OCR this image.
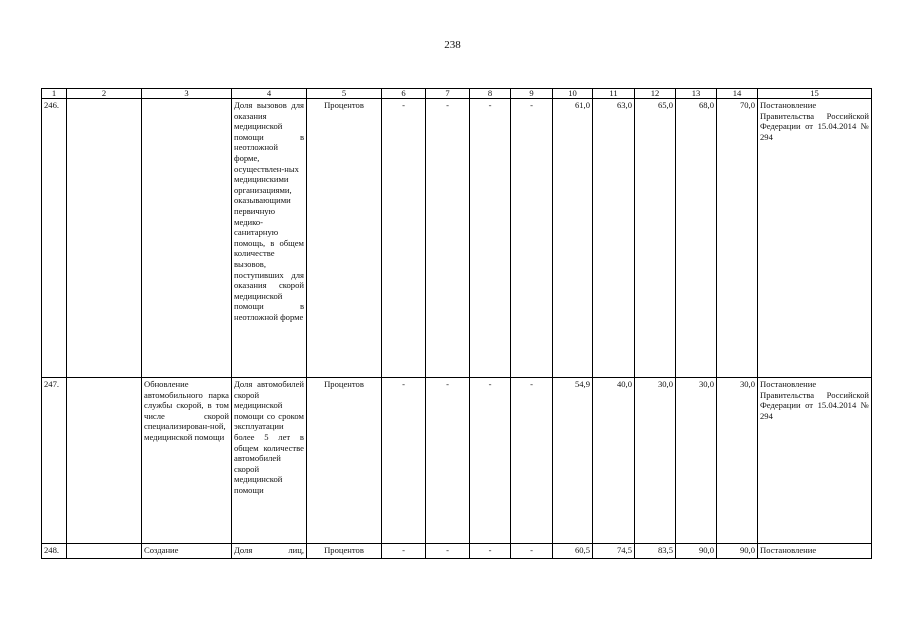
238
1	2	3	4	5	6	7	8	9	10	11	12	13	14	15
246.			Доля вызовов для оказания медицинской помощи в неотложной форме, осуществлен-ных медицинскими организациями, оказывающими первичную медико-санитарную помощь, в общем количестве вызовов, поступивших для оказания скорой медицинской помощи в неотложной форме	Процентов	-	-	-	-	61,0	63,0	65,0	68,0	70,0	Постановление Правительства Российской Федерации от 15.04.2014 № 294
247.		Обновление автомобильного парка службы скорой, в том числе скорой специализирован-ной, медицинской помощи	Доля автомобилей скорой медицинской помощи со сроком эксплуатации более 5 лет в общем количестве автомобилей скорой медицинской помощи	Процентов	-	-	-	-	54,9	40,0	30,0	30,0	30,0	Постановление Правительства Российской Федерации от 15.04.2014 № 294
248.		Создание	Доля лиц,	Процентов	-	-	-	-	60,5	74,5	83,5	90,0	90,0	Постановление
